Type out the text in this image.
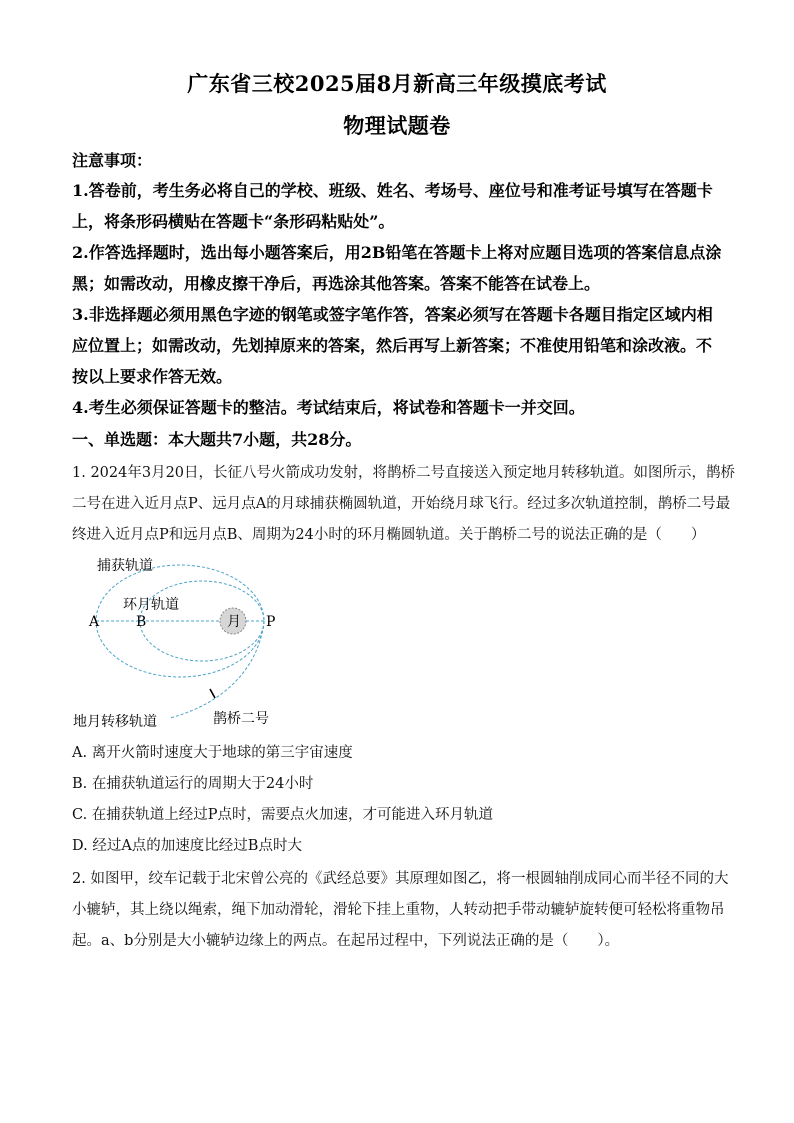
广东省三校2025届8月新高三年级摸底考试
物理试题卷
注意事项：
1.答卷前，考生务必将自己的学校、班级、姓名、考场号、座位号和准考证号填写在答题卡
上，将条形码横贴在答题卡“条形码粘贴处”。
2.作答选择题时，选出每小题答案后，用2B铅笔在答题卡上将对应题目选项的答案信息点涂
黑；如需改动，用橡皮擦干净后，再选涂其他答案。答案不能答在试卷上。
3.非选择题必须用黑色字迹的钢笔或签字笔作答，答案必须写在答题卡各题目指定区域内相
应位置上；如需改动，先划掉原来的答案，然后再写上新答案；不准使用铅笔和涂改液。不
按以上要求作答无效。
4.考生必须保证答题卡的整洁。考试结束后，将试卷和答题卡一并交回。
一、单选题：本大题共7小题，共28分。
1. 2024年3月20日，长征八号火箭成功发射，将鹊桥二号直接送入预定地月转移轨道。如图所示，鹊桥
二号在进入近月点P、远月点A的月球捕获椭圆轨道，开始绕月球飞行。经过多次轨道控制，鹊桥二号最
终进入近月点P和远月点B、周期为24小时的环月椭圆轨道。关于鹊桥二号的说法正确的是（　　）
月
捕获轨道
环月轨道
A	B	P
地月转移轨道	鹊桥二号
A. 离开火箭时速度大于地球的第三宇宙速度
B. 在捕获轨道运行的周期大于24小时
C. 在捕获轨道上经过P点时，需要点火加速，才可能进入环月轨道
D. 经过A点的加速度比经过B点时大
2. 如图甲，绞车记载于北宋曾公亮的《武经总要》其原理如图乙，将一根圆轴削成同心而半径不同的大
小辘轳，其上绕以绳索，绳下加动滑轮，滑轮下挂上重物，人转动把手带动辘轳旋转便可轻松将重物吊
起。a、b分别是大小辘轳边缘上的两点。在起吊过程中，下列说法正确的是（　　）。
